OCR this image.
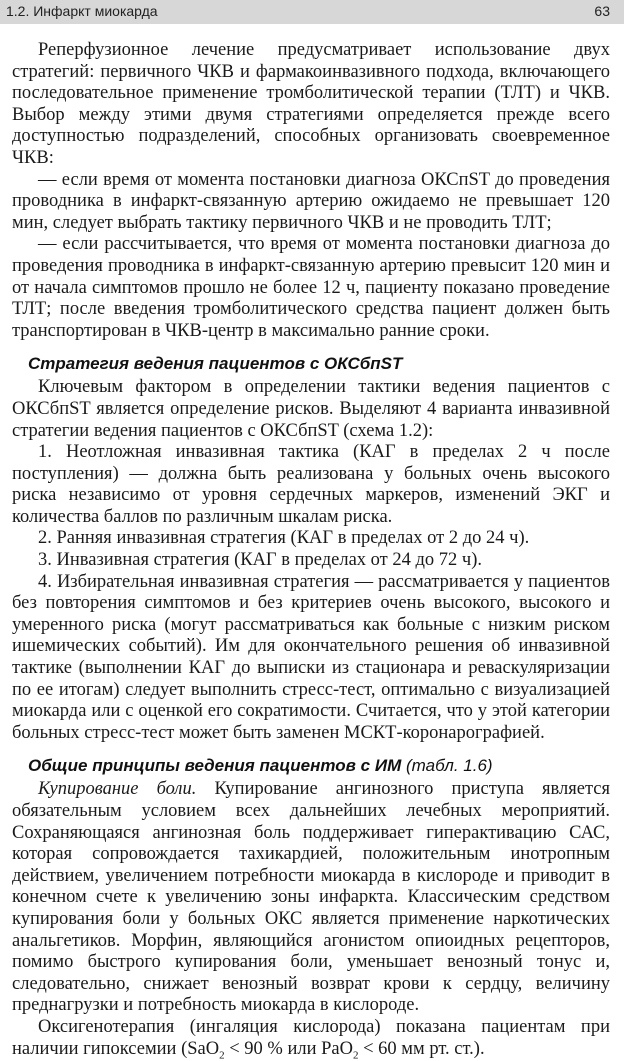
1.2. Инфаркт миокарда	63

Реперфузионное лечение предусматривает использование двух стратегий: первичного ЧКВ и фармакоинвазивного подхода, включающего последовательное применение тромболитической терапии (ТЛТ) и ЧКВ. Выбор между этими двумя стратегиями определяется прежде всего доступностью подразделений, способных организовать своевременное ЧКВ:

— если время от момента постановки диагноза ОКСпST до проведения проводника в инфаркт-связанную артерию ожидаемо не превышает 120 мин, следует выбрать тактику первичного ЧКВ и не проводить ТЛТ;

— если рассчитывается, что время от момента постановки диагноза до проведения проводника в инфаркт-связанную артерию превысит 120 мин и от начала симптомов прошло не более 12 ч, пациенту показано проведение ТЛТ; после введения тромболитического средства пациент должен быть транспортирован в ЧКВ-центр в максимально ранние сроки.

Стратегия ведения пациентов с ОКСбпST

Ключевым фактором в определении тактики ведения пациентов с ОКСбпST является определение рисков. Выделяют 4 варианта инвазивной стратегии ведения пациентов с ОКСбпST (схема 1.2):

1. Неотложная инвазивная тактика (КАГ в пределах 2 ч после поступления) — должна быть реализована у больных очень высокого риска независимо от уровня сердечных маркеров, изменений ЭКГ и количества баллов по различным шкалам риска.

2. Ранняя инвазивная стратегия (КАГ в пределах от 2 до 24 ч).

3. Инвазивная стратегия (КАГ в пределах от 24 до 72 ч).

4. Избирательная инвазивная стратегия — рассматривается у пациентов без повторения симптомов и без критериев очень высокого, высокого и умеренного риска (могут рассматриваться как больные с низким риском ишемических событий). Им для окончательного решения об инвазивной тактике (выполнении КАГ до выписки из стационара и реваскуляризации по ее итогам) следует выполнить стресс-тест, оптимально с визуализацией миокарда или с оценкой его сократимости. Считается, что у этой категории больных стресс-тест может быть заменен МСКТ-коронарографией.

Общие принципы ведения пациентов с ИМ (табл. 1.6)

Купирование боли. Купирование ангинозного приступа является обязательным условием всех дальнейших лечебных мероприятий. Сохраняющаяся ангинозная боль поддерживает гиперактивацию САС, которая сопровождается тахикардией, положительным инотропным действием, увеличением потребности миокарда в кислороде и приводит в конечном счете к увеличению зоны инфаркта. Классическим средством купирования боли у больных ОКС является применение наркотических анальгетиков. Морфин, являющийся агонистом опиоидных рецепторов, помимо быстрого купирования боли, уменьшает венозный тонус и, следовательно, снижает венозный возврат крови к сердцу, величину преднагрузки и потребность миокарда в кислороде.

Оксигенотерапия (ингаляция кислорода) показана пациентам при наличии гипоксемии (SaO$_2$ < 90 % или PaO$_2$ < 60 мм рт. ст.).
